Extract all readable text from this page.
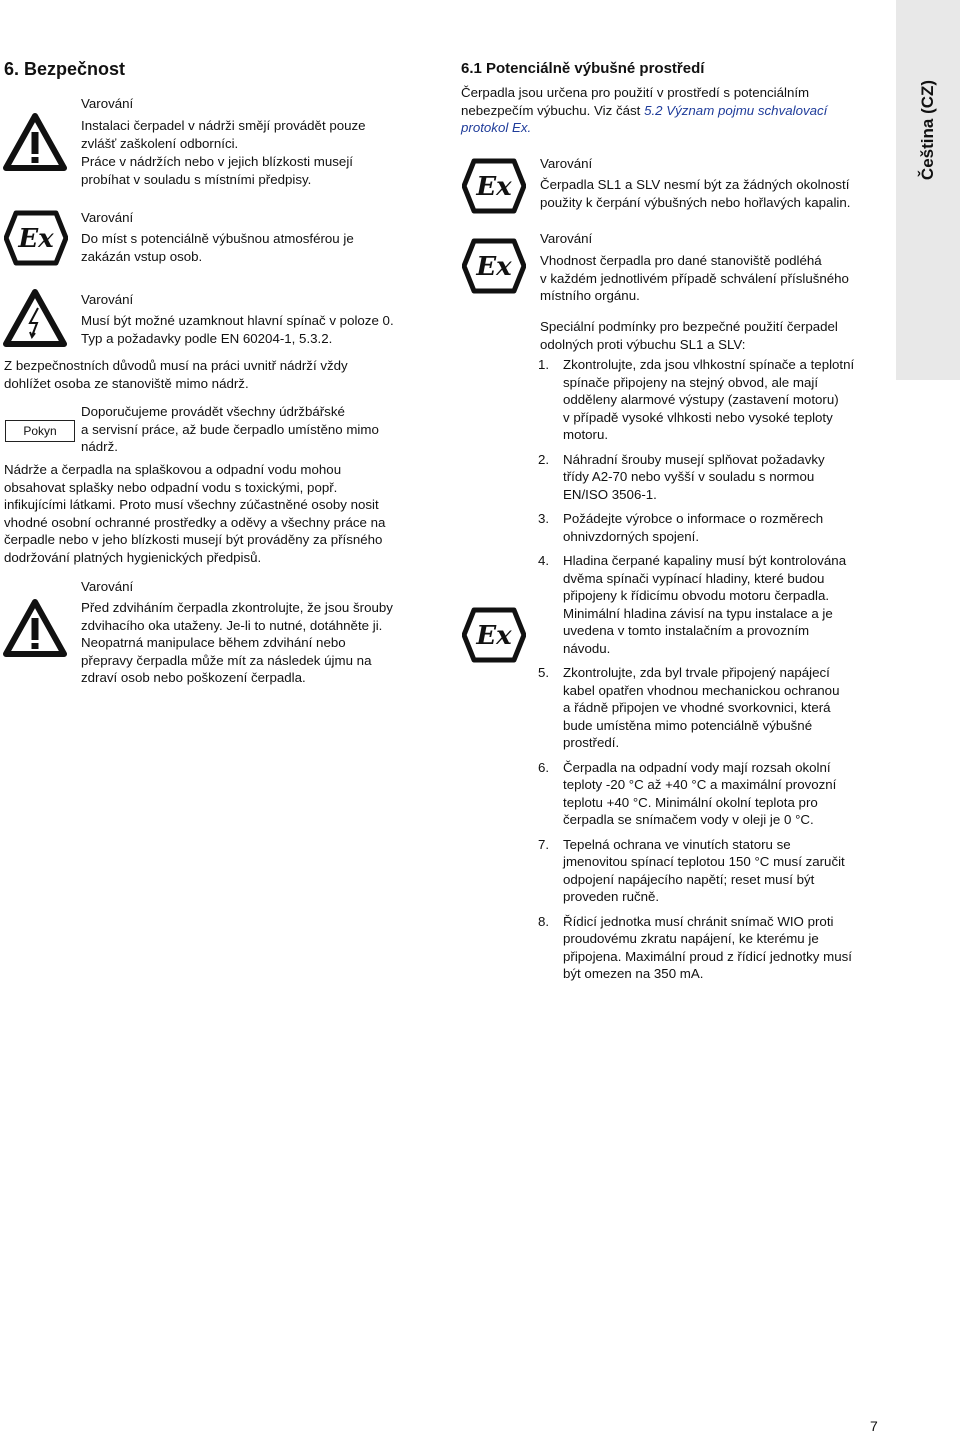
Čeština (CZ)
6. Bezpečnost
Varování
Instalaci čerpadel v nádrži smějí provádět pouze
zvlášť zaškolení odborníci.
Práce v nádržích nebo v jejich blízkosti musejí
probíhat v souladu s místními předpisy.
Ex
Varování
Do míst s potenciálně výbušnou atmosférou je
zakázán vstup osob.
Varování
Musí být možné uzamknout hlavní spínač v poloze 0.
Typ a požadavky podle EN 60204-1, 5.3.2.
Z bezpečnostních důvodů musí na práci uvnitř nádrží vždy
dohlížet osoba ze stanoviště mimo nádrž.
Pokyn
Doporučujeme provádět všechny údržbářské
a servisní práce, až bude čerpadlo umístěno mimo
nádrž.
Nádrže a čerpadla na splaškovou a odpadní vodu mohou
obsahovat splašky nebo odpadní vodu s toxickými, popř.
infikujícími látkami. Proto musí všechny zúčastněné osoby nosit
vhodné osobní ochranné prostředky a oděvy a všechny práce na
čerpadle nebo v jeho blízkosti musejí být prováděny za přísného
dodržování platných hygienických předpisů.
Varování
Před zdviháním čerpadla zkontrolujte, že jsou šrouby
zdvihacího oka utaženy. Je-li to nutné, dotáhněte ji.
Neopatrná manipulace během zdvihání nebo
přepravy čerpadla může mít za následek újmu na
zdraví osob nebo poškození čerpadla.
6.1 Potenciálně výbušné prostředí
Čerpadla jsou určena pro použití v prostředí s potenciálním
nebezpečím výbuchu. Viz část 5.2 Význam pojmu schvalovací
protokol Ex.
Ex
Varování
Čerpadla SL1 a SLV nesmí být za žádných okolností
použity k čerpání výbušných nebo hořlavých kapalin.
Ex
Varování
Vhodnost čerpadla pro dané stanoviště podléhá
v každém jednotlivém případě schválení příslušného
místního orgánu.
Speciální podmínky pro bezpečné použití čerpadel
odolných proti výbuchu SL1 a SLV:
Ex
1. Zkontrolujte, zda jsou vlhkostní spínače a teplotní
spínače připojeny na stejný obvod, ale mají
odděleny alarmové výstupy (zastavení motoru)
v případě vysoké vlhkosti nebo vysoké teploty
motoru.
2. Náhradní šrouby musejí splňovat požadavky
třídy A2-70 nebo vyšší v souladu s normou
EN/ISO 3506-1.
3. Požádejte výrobce o informace o rozměrech
ohnivzdorných spojení.
4. Hladina čerpané kapaliny musí být kontrolována
dvěma spínači vypínací hladiny, které budou
připojeny k řídicímu obvodu motoru čerpadla.
Minimální hladina závisí na typu instalace a je
uvedena v tomto instalačním a provozním
návodu.
5. Zkontrolujte, zda byl trvale připojený napájecí
kabel opatřen vhodnou mechanickou ochranou
a řádně připojen ve vhodné svorkovnici, která
bude umístěna mimo potenciálně výbušné
prostředí.
6. Čerpadla na odpadní vody mají rozsah okolní
teploty -20 °C až +40 °C a maximální provozní
teplotu +40 °C. Minimální okolní teplota pro
čerpadla se snímačem vody v oleji je 0 °C.
7. Tepelná ochrana ve vinutích statoru se
jmenovitou spínací teplotou 150 °C musí zaručit
odpojení napájecího napětí; reset musí být
proveden ručně.
8. Řídicí jednotka musí chránit snímač WIO proti
proudovému zkratu napájení, ke kterému je
připojena. Maximální proud z řídicí jednotky musí
být omezen na 350 mA.
7
